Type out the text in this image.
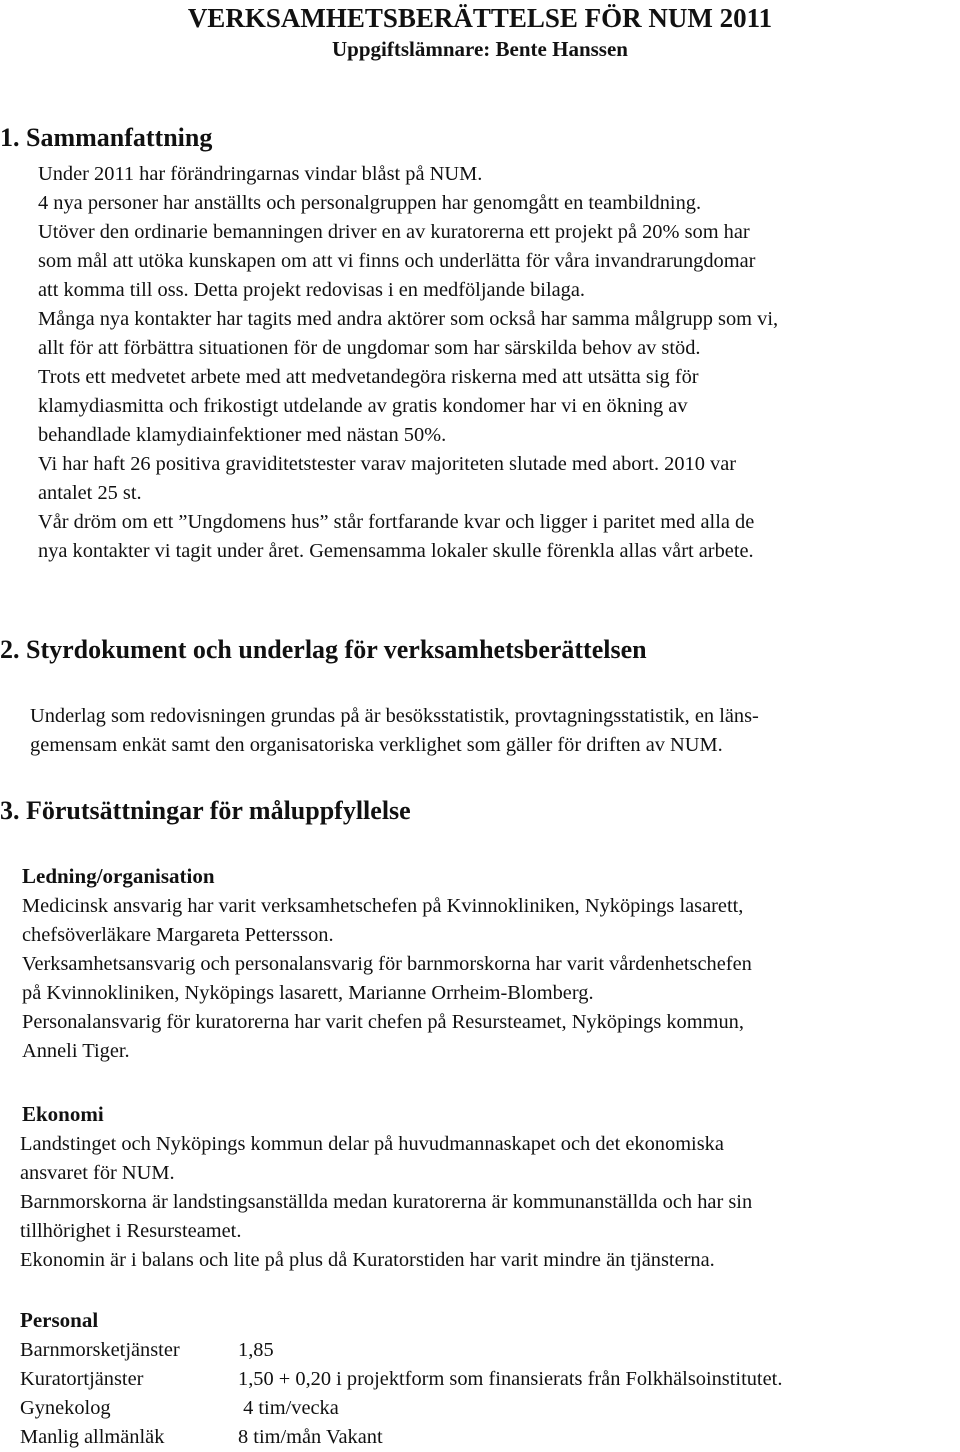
VERKSAMHETSBERÄTTELSE FÖR NUM 2011
Uppgiftslämnare: Bente Hanssen
1. Sammanfattning

Under 2011 har förändringarnas vindar blåst på NUM.

4 nya personer har anställts och personalgruppen har genomgått en teambildning.

Utöver den ordinarie bemanningen driver en av kuratorerna ett projekt på 20% som har

som mål att utöka kunskapen om att vi finns och underlätta för våra invandrarungdomar

att komma till oss. Detta projekt redovisas i en medföljande bilaga.

Många nya kontakter har tagits med andra aktörer som också har samma målgrupp som vi,

allt för att förbättra situationen för de ungdomar som har särskilda behov av stöd.

Trots ett medvetet arbete med att medvetandegöra riskerna med att utsätta sig för

klamydiasmitta och frikostigt utdelande av gratis kondomer har vi en ökning av

behandlade klamydiainfektioner med nästan 50%.

Vi har haft 26 positiva graviditetstester varav majoriteten slutade med abort. 2010 var

antalet 25 st.

Vår dröm om ett ”Ungdomens hus” står fortfarande kvar och ligger i paritet med alla de

nya kontakter vi tagit under året. Gemensamma lokaler skulle förenkla allas vårt arbete.

2. Styrdokument och underlag för verksamhetsberättelsen

Underlag som redovisningen grundas på är besöksstatistik, provtagningsstatistik, en läns-

gemensam enkät samt den organisatoriska verklighet som gäller för driften av NUM.

3. Förutsättningar för måluppfyllelse
Ledning/organisation

Medicinsk ansvarig har varit verksamhetschefen på Kvinnokliniken, Nyköpings lasarett,

chefsöverläkare Margareta Pettersson.

Verksamhetsansvarig och personalansvarig för barnmorskorna har varit vårdenhetschefen

på Kvinnokliniken, Nyköpings lasarett, Marianne Orrheim-Blomberg.

Personalansvarig för kuratorerna har varit chefen på Resursteamet, Nyköpings kommun,

Anneli Tiger.

Ekonomi

Landstinget och Nyköpings kommun delar på huvudmannaskapet och det ekonomiska

ansvaret för NUM.

Barnmorskorna är landstingsanställda medan kuratorerna är kommunanställda och har sin

tillhörighet i Resursteamet.

Ekonomin är i balans och lite på plus då Kuratorstiden har varit mindre än tjänsterna.

Personal
Barnmorsketjänster	1,85
Kuratortjänster	1,50 + 0,20 i projektform som finansierats från Folkhälsoinstitutet.
Gynekolog	4 tim/vecka
Manlig allmänläk	8 tim/mån Vakant
